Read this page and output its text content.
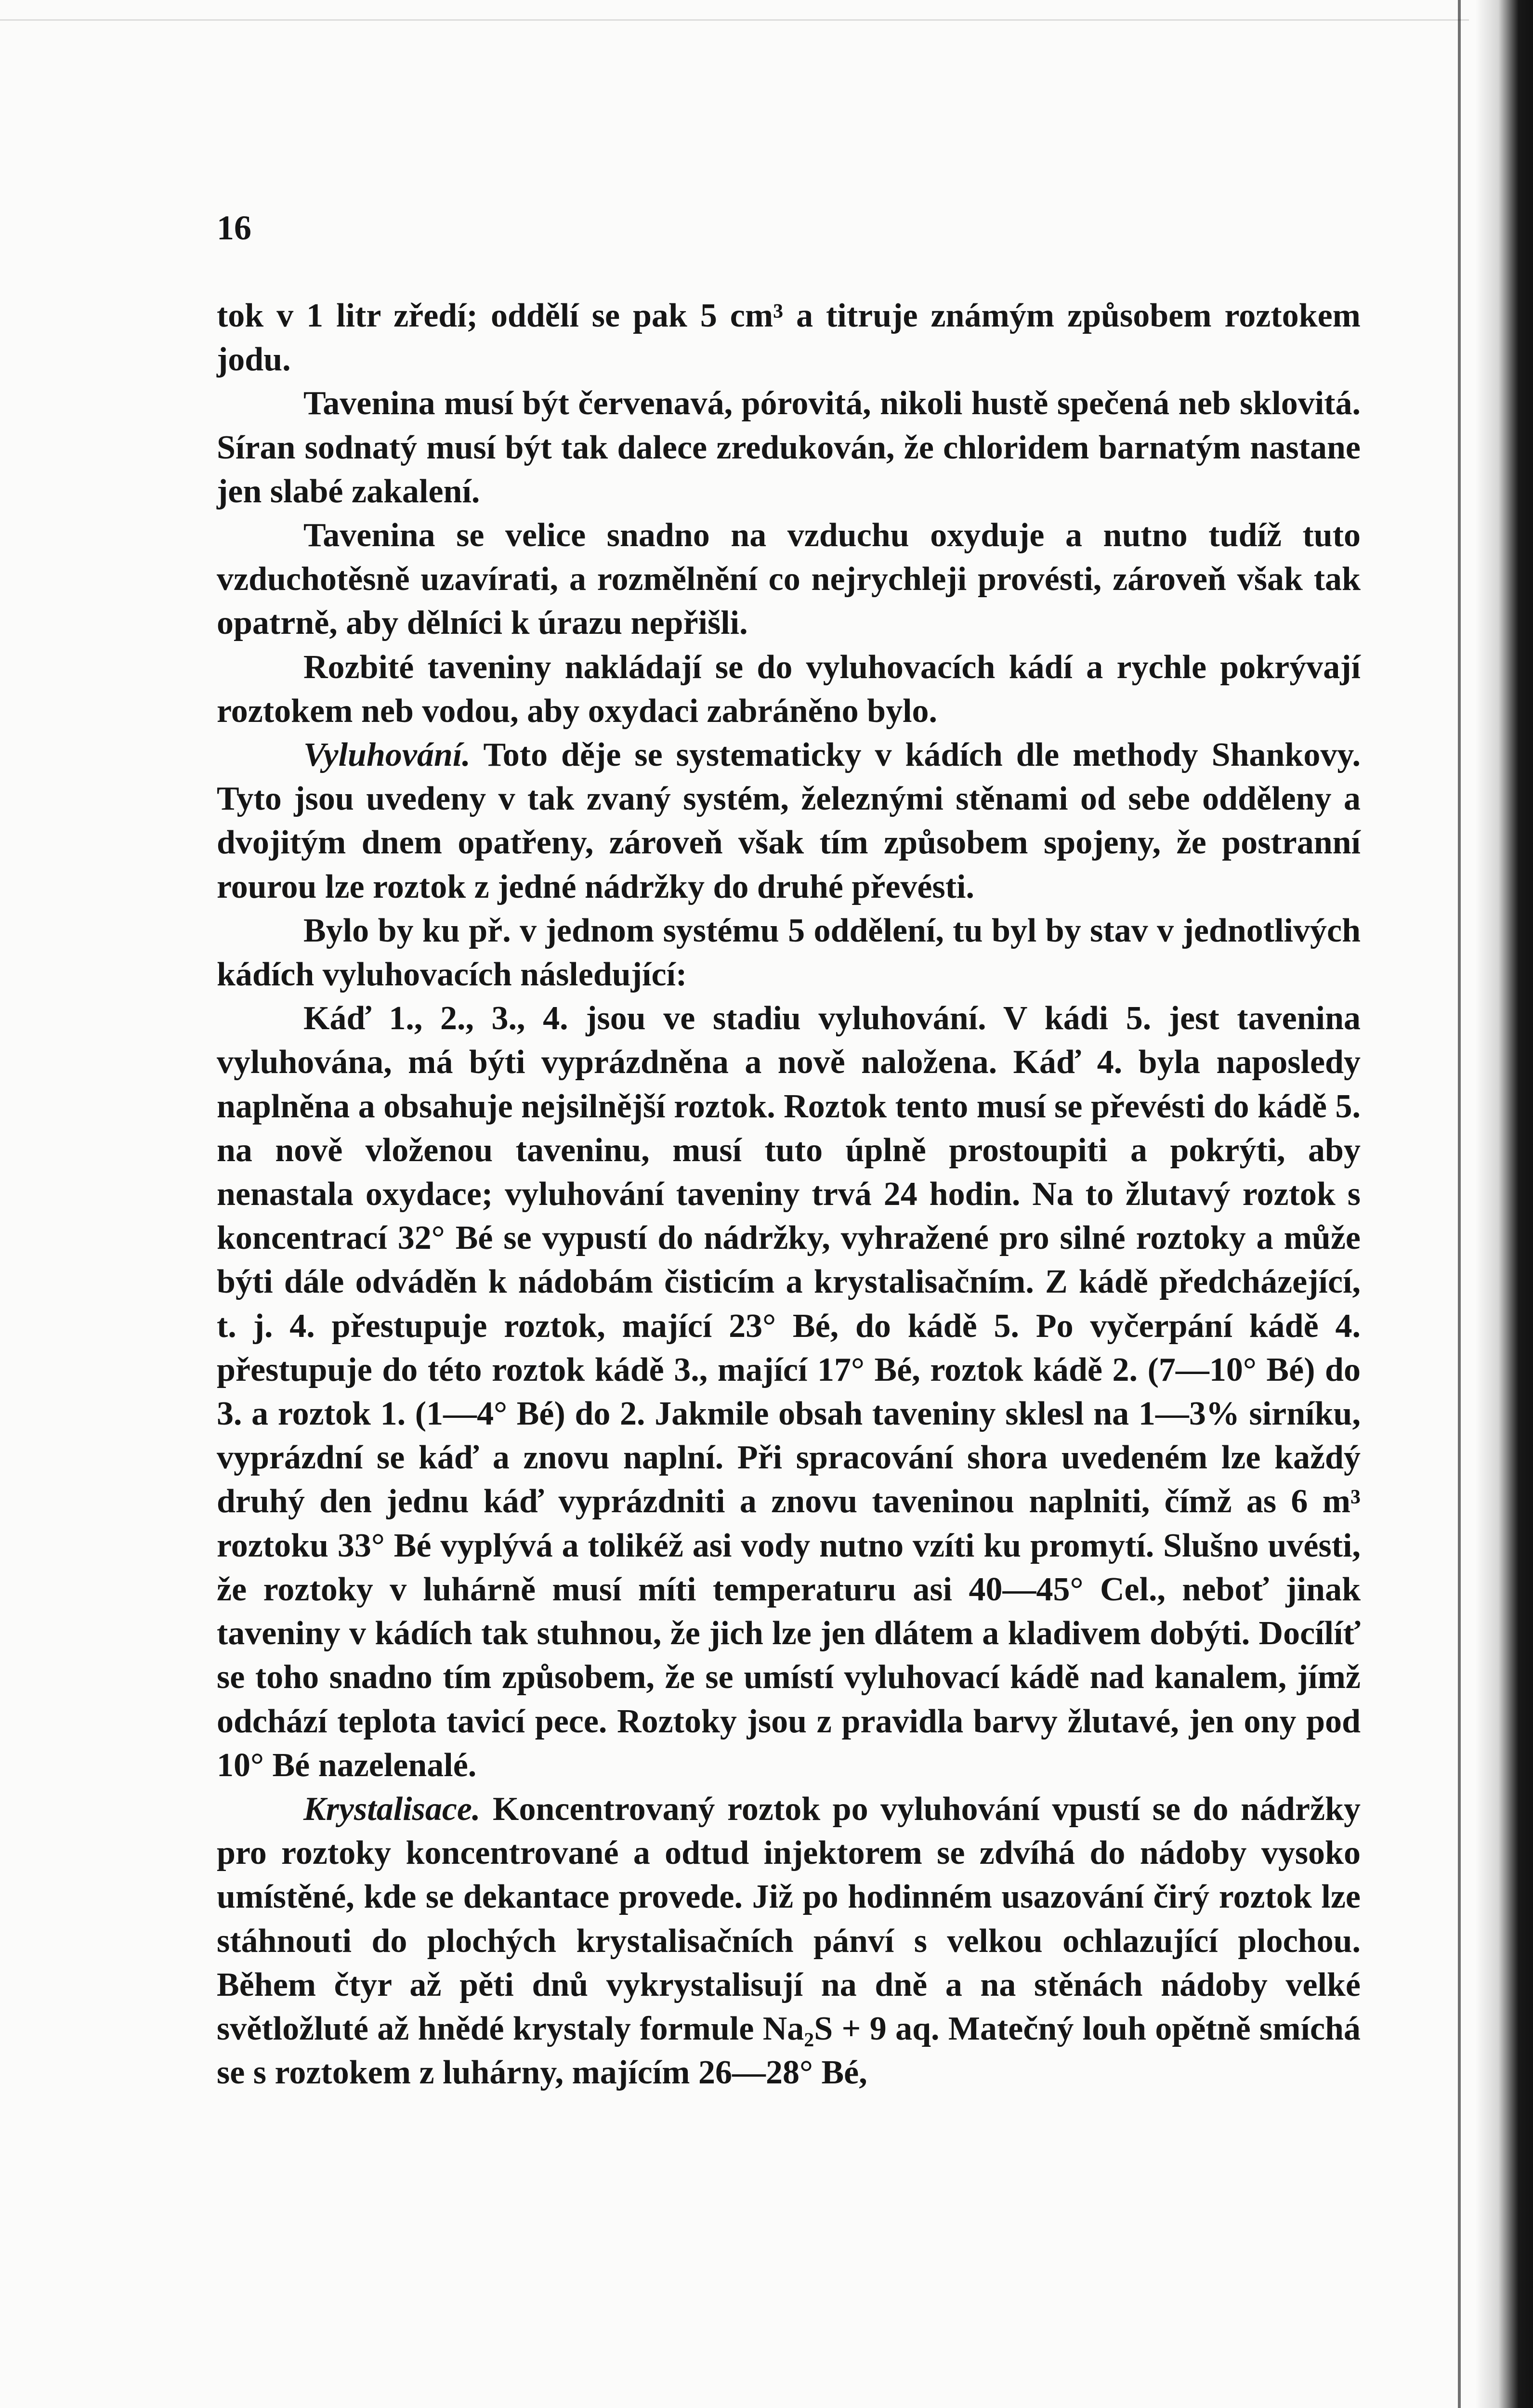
16

tok v 1 litr zředí; oddělí se pak 5 cm³ a titruje známým způsobem roztokem jodu.

Tavenina musí být červenavá, pórovitá, nikoli hustě spečená neb sklovitá. Síran sodnatý musí být tak dalece zredukován, že chloridem barnatým nastane jen slabé zakalení.

Tavenina se velice snadno na vzduchu oxyduje a nutno tudíž tuto vzduchotěsně uzavírati, a rozmělnění co nejrychleji provésti, zároveň však tak opatrně, aby dělníci k úrazu nepřišli.

Rozbité taveniny nakládají se do vyluhovacích kádí a rychle pokrývají roztokem neb vodou, aby oxydaci zabráněno bylo.

Vyluhování. Toto děje se systematicky v kádích dle methody Shankovy. Tyto jsou uvedeny v tak zvaný systém, železnými stěnami od sebe odděleny a dvojitým dnem opatřeny, zároveň však tím způsobem spojeny, že postranní rourou lze roztok z jedné nádržky do druhé převésti.

Bylo by ku př. v jednom systému 5 oddělení, tu byl by stav v jednotlivých kádích vyluhovacích následující:

Káď 1., 2., 3., 4. jsou ve stadiu vyluhování. V kádi 5. jest tavenina vyluhována, má býti vyprázdněna a nově naložena. Káď 4. byla naposledy naplněna a obsahuje nejsilnější roztok. Roztok tento musí se převésti do kádě 5. na nově vloženou taveninu, musí tuto úplně prostoupiti a pokrýti, aby nenastala oxydace; vyluhování taveniny trvá 24 hodin. Na to žlutavý roztok s koncentrací 32° Bé se vypustí do nádržky, vyhražené pro silné roztoky a může býti dále odváděn k nádobám čisticím a krystalisačním. Z kádě předcházející, t. j. 4. přestupuje roztok, mající 23° Bé, do kádě 5. Po vyčerpání kádě 4. přestupuje do této roztok kádě 3., mající 17° Bé, roztok kádě 2. (7—10° Bé) do 3. a roztok 1. (1—4° Bé) do 2. Jakmile obsah taveniny sklesl na 1—3% sirníku, vyprázdní se káď a znovu naplní. Při spracování shora uvedeném lze každý druhý den jednu káď vyprázdniti a znovu taveninou naplniti, čímž as 6 m³ roztoku 33° Bé vyplývá a tolikéž asi vody nutno vzíti ku promytí. Slušno uvésti, že roztoky v luhárně musí míti temperaturu asi 40—45° Cel., neboť jinak taveniny v kádích tak stuhnou, že jich lze jen dlátem a kladivem dobýti. Docílíť se toho snadno tím způsobem, že se umístí vyluhovací kádě nad kanalem, jímž odchází teplota tavicí pece. Roztoky jsou z pravidla barvy žlutavé, jen ony pod 10° Bé nazelenalé.

Krystalisace. Koncentrovaný roztok po vyluhování vpustí se do nádržky pro roztoky koncentrované a odtud injektorem se zdvíhá do nádoby vysoko umístěné, kde se dekantace provede. Již po hodinném usazování čirý roztok lze stáhnouti do plochých krystalisačních pánví s velkou ochlazující plochou. Během čtyr až pěti dnů vykrystalisují na dně a na stěnách nádoby velké světložluté až hnědé krystaly formule Na₂S + 9 aq. Matečný louh opětně smíchá se s roztokem z luhárny, majícím 26—28° Bé,
